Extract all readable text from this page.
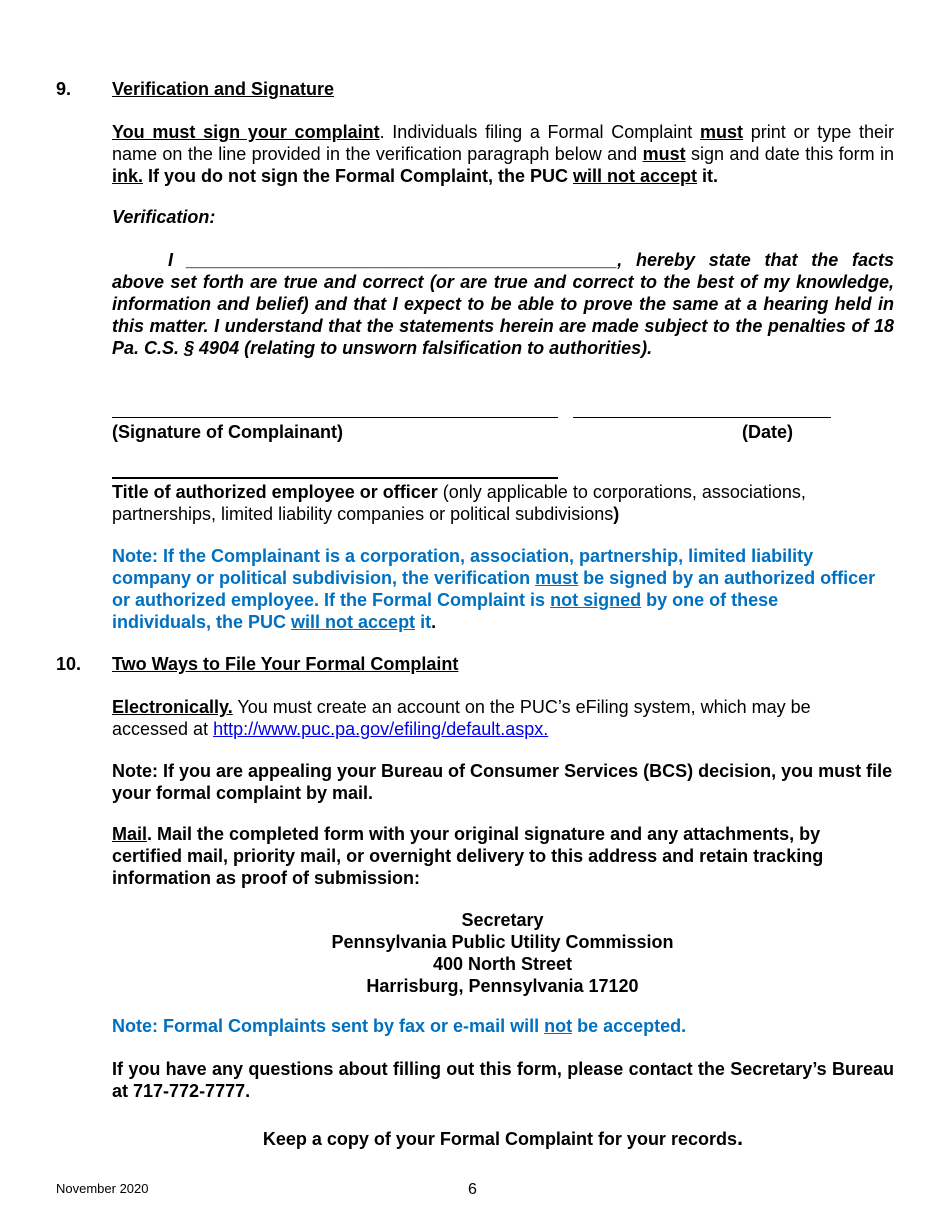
9. Verification and Signature

You must sign your complaint. Individuals filing a Formal Complaint must print or type their name on the line provided in the verification paragraph below and must sign and date this form in ink. If you do not sign the Formal Complaint, the PUC will not accept it.

Verification:

I ___________________________________________, hereby state that the facts above set forth are true and correct (or are true and correct to the best of my knowledge, information and belief) and that I expect to be able to prove the same at a hearing held in this matter. I understand that the statements herein are made subject to the penalties of 18 Pa. C.S. § 4904 (relating to unsworn falsification to authorities).

(Signature of Complainant)	(Date)

Title of authorized employee or officer (only applicable to corporations, associations, partnerships, limited liability companies or political subdivisions)

Note: If the Complainant is a corporation, association, partnership, limited liability company or political subdivision, the verification must be signed by an authorized officer or authorized employee. If the Formal Complaint is not signed by one of these individuals, the PUC will not accept it.

10. Two Ways to File Your Formal Complaint

Electronically. You must create an account on the PUC’s eFiling system, which may be accessed at http://www.puc.pa.gov/efiling/default.aspx.

Note: If you are appealing your Bureau of Consumer Services (BCS) decision, you must file your formal complaint by mail.

Mail. Mail the completed form with your original signature and any attachments, by certified mail, priority mail, or overnight delivery to this address and retain tracking information as proof of submission:

Secretary
Pennsylvania Public Utility Commission
400 North Street
Harrisburg, Pennsylvania 17120

Note: Formal Complaints sent by fax or e-mail will not be accepted.

If you have any questions about filling out this form, please contact the Secretary’s Bureau at 717-772-7777.

Keep a copy of your Formal Complaint for your records.

November 2020	6
